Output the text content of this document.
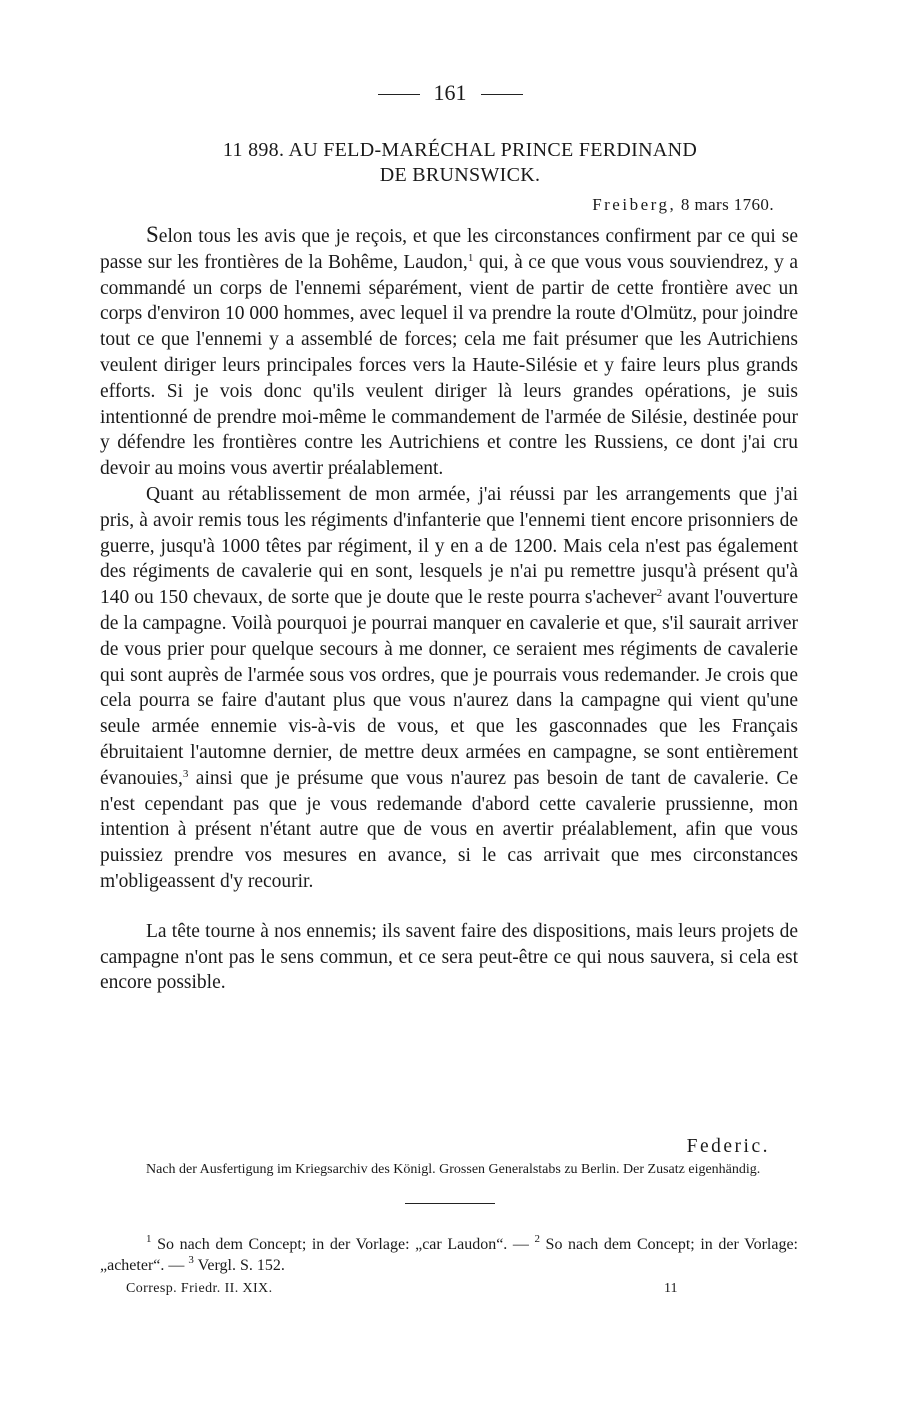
161
11 898. AU FELD-MARÉCHAL PRINCE FERDINAND
DE BRUNSWICK.
Freiberg, 8 mars 1760.

Selon tous les avis que je reçois, et que les circonstances confirment par ce qui se passe sur les frontières de la Bohême, Laudon,$^1$ qui, à ce que vous vous souviendrez, y a commandé un corps de l'ennemi séparément, vient de partir de cette frontière avec un corps d'environ 10 000 hommes, avec lequel il va prendre la route d'Olmütz, pour joindre tout ce que l'ennemi y a assemblé de forces; cela me fait présumer que les Autrichiens veulent diriger leurs principales forces vers la Haute-Silésie et y faire leurs plus grands efforts. Si je vois donc qu'ils veulent diriger là leurs grandes opérations, je suis intentionné de prendre moi-même le commandement de l'armée de Silésie, destinée pour y défendre les frontières contre les Autrichiens et contre les Russiens, ce dont j'ai cru devoir au moins vous avertir préalablement.

Quant au rétablissement de mon armée, j'ai réussi par les arrangements que j'ai pris, à avoir remis tous les régiments d'infanterie que l'ennemi tient encore prisonniers de guerre, jusqu'à 1000 têtes par régiment, il y en a de 1200. Mais cela n'est pas également des régiments de cavalerie qui en sont, lesquels je n'ai pu remettre jusqu'à présent qu'à 140 ou 150 chevaux, de sorte que je doute que le reste pourra s'achever$^2$ avant l'ouverture de la campagne. Voilà pourquoi je pourrai manquer en cavalerie et que, s'il saurait arriver de vous prier pour quelque secours à me donner, ce seraient mes régiments de cavalerie qui sont auprès de l'armée sous vos ordres, que je pourrais vous redemander. Je crois que cela pourra se faire d'autant plus que vous n'aurez dans la campagne qui vient qu'une seule armée ennemie vis-à-vis de vous, et que les gasconnades que les Français ébruitaient l'automne dernier, de mettre deux armées en campagne, se sont entièrement évanouies,$^3$ ainsi que je présume que vous n'aurez pas besoin de tant de cavalerie. Ce n'est cependant pas que je vous redemande d'abord cette cavalerie prussienne, mon intention à présent n'étant autre que de vous en avertir préalablement, afin que vous puissiez prendre vos mesures en avance, si le cas arrivait que mes circonstances m'obligeassent d'y recourir.

La tête tourne à nos ennemis; ils savent faire des dispositions, mais leurs projets de campagne n'ont pas le sens commun, et ce sera peut-être ce qui nous sauvera, si cela est encore possible.

Federic.
Nach der Ausfertigung im Kriegsarchiv des Königl. Grossen Generalstabs zu Berlin. Der Zusatz eigenhändig.
$^1$ So nach dem Concept; in der Vorlage: „car Laudon“. — $^2$ So nach dem Concept; in der Vorlage: „acheter“. — $^3$ Vergl. S. 152.
Corresp. Friedr. II. XIX.	11
